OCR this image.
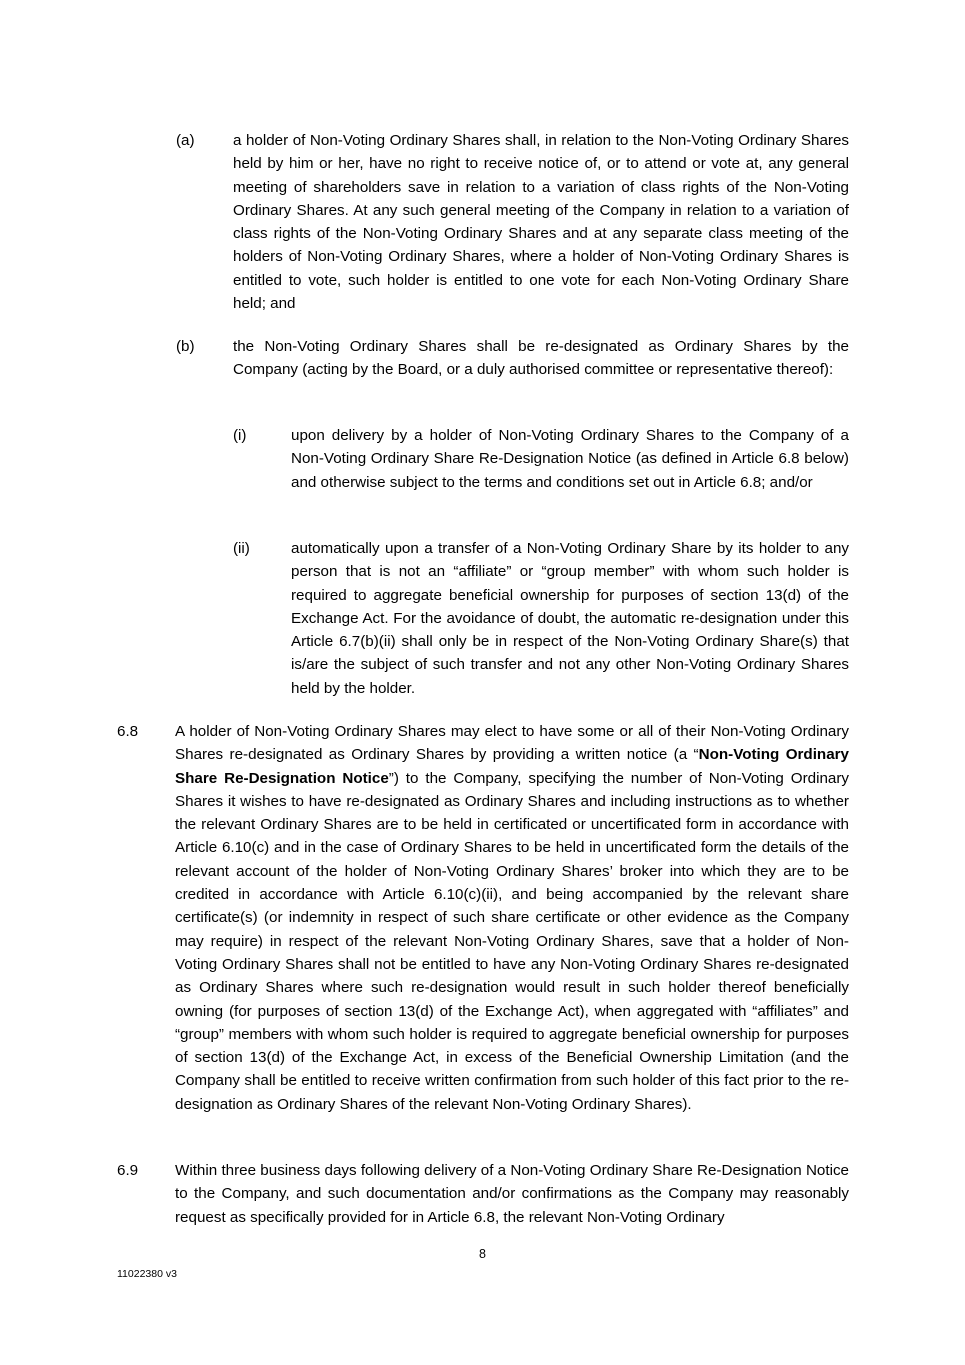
(a)	a holder of Non-Voting Ordinary Shares shall, in relation to the Non-Voting Ordinary Shares held by him or her, have no right to receive notice of, or to attend or vote at, any general meeting of shareholders save in relation to a variation of class rights of the Non-Voting Ordinary Shares. At any such general meeting of the Company in relation to a variation of class rights of the Non-Voting Ordinary Shares and at any separate class meeting of the holders of Non-Voting Ordinary Shares, where a holder of Non-Voting Ordinary Shares is entitled to vote, such holder is entitled to one vote for each Non-Voting Ordinary Share held; and

(b)	the Non-Voting Ordinary Shares shall be re-designated as Ordinary Shares by the Company (acting by the Board, or a duly authorised committee or representative thereof):

(i)	upon delivery by a holder of Non-Voting Ordinary Shares to the Company of a Non-Voting Ordinary Share Re-Designation Notice (as defined in Article 6.8 below) and otherwise subject to the terms and conditions set out in Article 6.8; and/or

(ii)	automatically upon a transfer of a Non-Voting Ordinary Share by its holder to any person that is not an “affiliate” or “group member” with whom such holder is required to aggregate beneficial ownership for purposes of section 13(d) of the Exchange Act. For the avoidance of doubt, the automatic re-designation under this Article 6.7(b)(ii) shall only be in respect of the Non-Voting Ordinary Share(s) that is/are the subject of such transfer and not any other Non-Voting Ordinary Shares held by the holder.

6.8 A holder of Non-Voting Ordinary Shares may elect to have some or all of their Non-Voting Ordinary Shares re-designated as Ordinary Shares by providing a written notice (a “Non-Voting Ordinary Share Re-Designation Notice”) to the Company, specifying the number of Non-Voting Ordinary Shares it wishes to have re-designated as Ordinary Shares and including instructions as to whether the relevant Ordinary Shares are to be held in certificated or uncertificated form in accordance with Article 6.10(c) and in the case of Ordinary Shares to be held in uncertificated form the details of the relevant account of the holder of Non-Voting Ordinary Shares’ broker into which they are to be credited in accordance with Article 6.10(c)(ii), and being accompanied by the relevant share certificate(s) (or indemnity in respect of such share certificate or other evidence as the Company may require) in respect of the relevant Non-Voting Ordinary Shares, save that a holder of Non-Voting Ordinary Shares shall not be entitled to have any Non-Voting Ordinary Shares re-designated as Ordinary Shares where such re-designation would result in such holder thereof beneficially owning (for purposes of section 13(d) of the Exchange Act), when aggregated with “affiliates” and “group” members with whom such holder is required to aggregate beneficial ownership for purposes of section 13(d) of the Exchange Act, in excess of the Beneficial Ownership Limitation (and the Company shall be entitled to receive written confirmation from such holder of this fact prior to the re-designation as Ordinary Shares of the relevant Non-Voting Ordinary Shares).

6.9 Within three business days following delivery of a Non-Voting Ordinary Share Re-Designation Notice to the Company, and such documentation and/or confirmations as the Company may reasonably request as specifically provided for in Article 6.8, the relevant Non-Voting Ordinary

8
11022380 v3
